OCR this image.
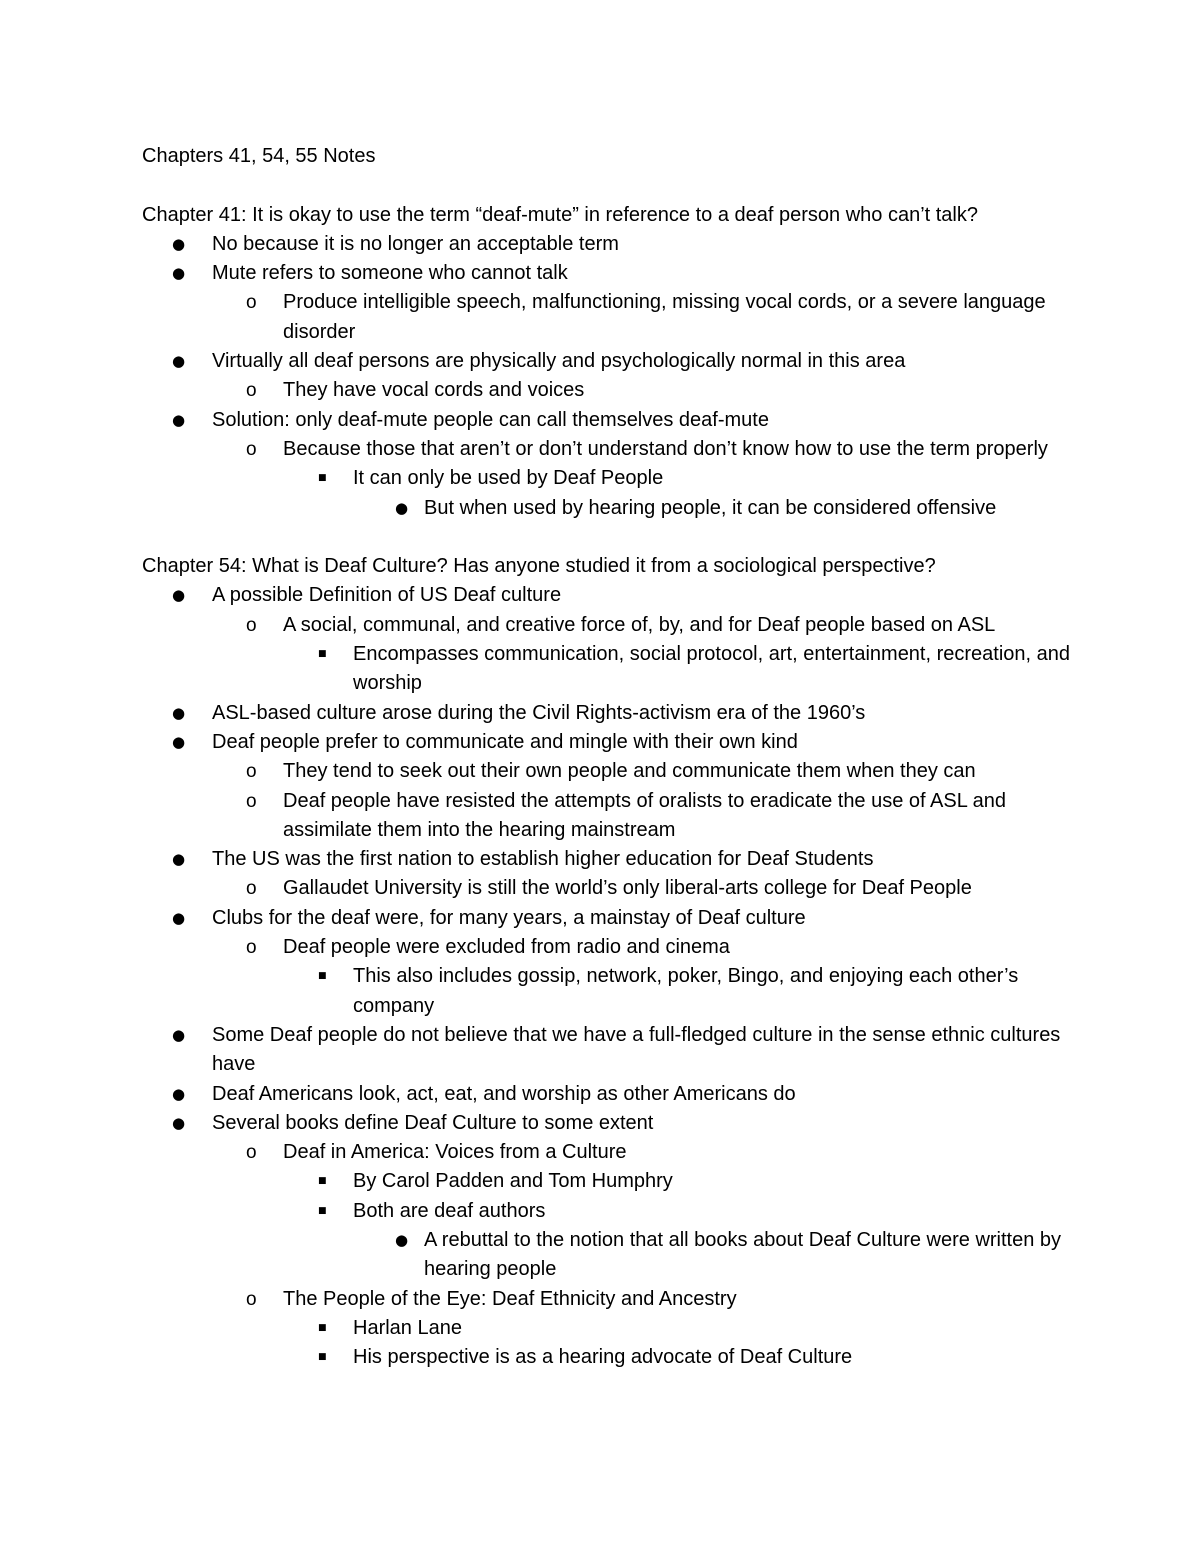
Chapters 41, 54, 55 Notes
Chapter 41: It is okay to use the term “deaf-mute” in reference to a deaf person who can’t talk?
●	No because it is no longer an acceptable term
●	Mute refers to someone who cannot talk
o	Produce intelligible speech, malfunctioning, missing vocal cords, or a severe language disorder
●	Virtually all deaf persons are physically and psychologically normal in this area
o	They have vocal cords and voices
●	Solution: only deaf-mute people can call themselves deaf-mute
o	Because those that aren’t or don’t understand don’t know how to use the term properly
■	It can only be used by Deaf People
● But when used by hearing people, it can be considered offensive
Chapter 54: What is Deaf Culture? Has anyone studied it from a sociological perspective?
●	A possible Definition of US Deaf culture
o	A social, communal, and creative force of, by, and for Deaf people based on ASL
■	Encompasses communication, social protocol, art, entertainment, recreation, and worship
●	ASL-based culture arose during the Civil Rights-activism era of the 1960’s
●	Deaf people prefer to communicate and mingle with their own kind
o	They tend to seek out their own people and communicate them when they can
o	Deaf people have resisted the attempts of oralists to eradicate the use of ASL and assimilate them into the hearing mainstream
●	The US was the first nation to establish higher education for Deaf Students
o	Gallaudet University is still the world’s only liberal-arts college for Deaf People
●	Clubs for the deaf were, for many years, a mainstay of Deaf culture
o	Deaf people were excluded from radio and cinema
■	This also includes gossip, network, poker, Bingo, and enjoying each other’s company
●	Some Deaf people do not believe that we have a full-fledged culture in the sense ethnic cultures have
●	Deaf Americans look, act, eat, and worship as other Americans do
●	Several books define Deaf Culture to some extent
o	Deaf in America: Voices from a Culture
■	By Carol Padden and Tom Humphry
■	Both are deaf authors
● A rebuttal to the notion that all books about Deaf Culture were written by hearing people
o	The People of the Eye: Deaf Ethnicity and Ancestry
■	Harlan Lane
■	His perspective is as a hearing advocate of Deaf Culture
